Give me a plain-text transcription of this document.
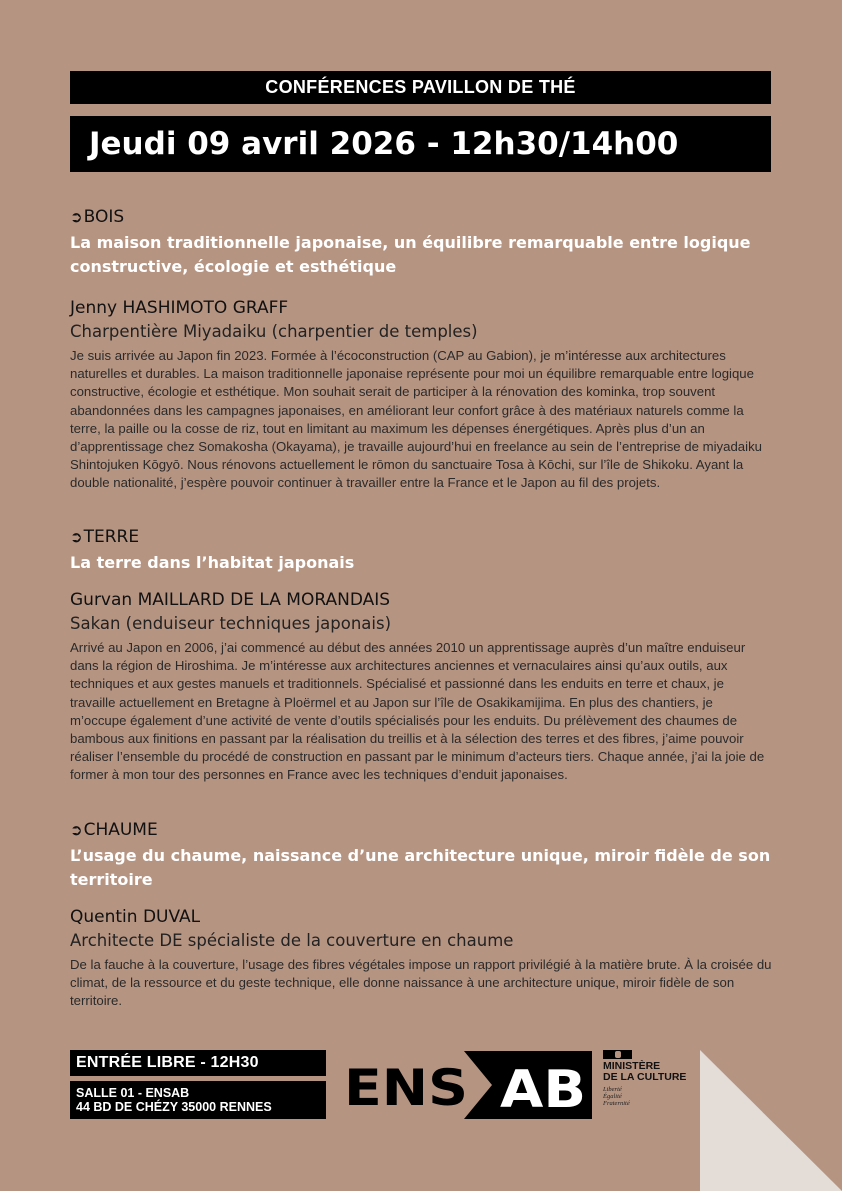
CONFÉRENCES PAVILLON DE THÉ
Jeudi 09 avril 2026 - 12h30/14h00
➲ BOIS
La maison traditionnelle japonaise, un équilibre remarquable entre logique constructive, écologie et esthétique
Jenny HASHIMOTO GRAFF
Charpentière Miyadaiku (charpentier de temples)
Je suis arrivée au Japon fin 2023. Formée à l’écoconstruction (CAP au Gabion), je m’intéresse aux architectures naturelles et durables. La maison traditionnelle japonaise représente pour moi un équilibre remarquable entre logique constructive, écologie et esthétique. Mon souhait serait de participer à la rénovation des kominka, trop souvent abandonnées dans les campagnes japonaises, en améliorant leur confort grâce à des matériaux naturels comme la terre, la paille ou la cosse de riz, tout en limitant au maximum les dépenses énergétiques. Après plus d’un an d’apprentissage chez Somakosha (Okayama), je travaille aujourd’hui en freelance au sein de l’entreprise de miyadaiku Shintojuken Kōgyō. Nous rénovons actuellement le rōmon du sanctuaire Tosa à Kōchi, sur l’île de Shikoku. Ayant la double nationalité, j’espère pouvoir continuer à travailler entre la France et le Japon au fil des projets.
➲ TERRE
La terre dans l’habitat japonais
Gurvan MAILLARD DE LA MORANDAIS
Sakan (enduiseur techniques japonais)
Arrivé au Japon en 2006, j’ai commencé au début des années 2010 un apprentissage auprès d’un maître enduiseur dans la région de Hiroshima. Je m’intéresse aux architectures anciennes et vernaculaires ainsi qu’aux outils, aux techniques et aux gestes manuels et traditionnels. Spécialisé et passionné dans les enduits en terre et chaux, je travaille actuellement en Bretagne à Ploërmel et au Japon sur l’île de Osakikamijima. En plus des chantiers, je m’occupe également d’une activité de vente d’outils spécialisés pour les enduits. Du prélèvement des chaumes de bambous aux finitions en passant par la réalisation du treillis et à la sélection des terres et des fibres, j’aime pouvoir réaliser l’ensemble du procédé de construction en passant par le minimum d’acteurs tiers. Chaque année, j’ai la joie de former à mon tour des personnes en France avec les techniques d’enduit japonaises.
➲ CHAUME
L’usage du chaume, naissance d’une architecture unique, miroir fidèle de son territoire
Quentin DUVAL
Architecte DE spécialiste de la couverture en chaume
De la fauche à la couverture, l’usage des fibres végétales impose un rapport privilégié à la matière brute. À la croisée du climat, de la ressource et du geste technique, elle donne naissance à une architecture unique, miroir fidèle de son territoire.
ENTRÉE LIBRE - 12H30
SALLE 01 - ENSAB
44 BD DE CHÉZY 35000 RENNES	ENS AB MINISTÈRE
DE LA CULTURE
Liberté
Égalité
Fraternité
